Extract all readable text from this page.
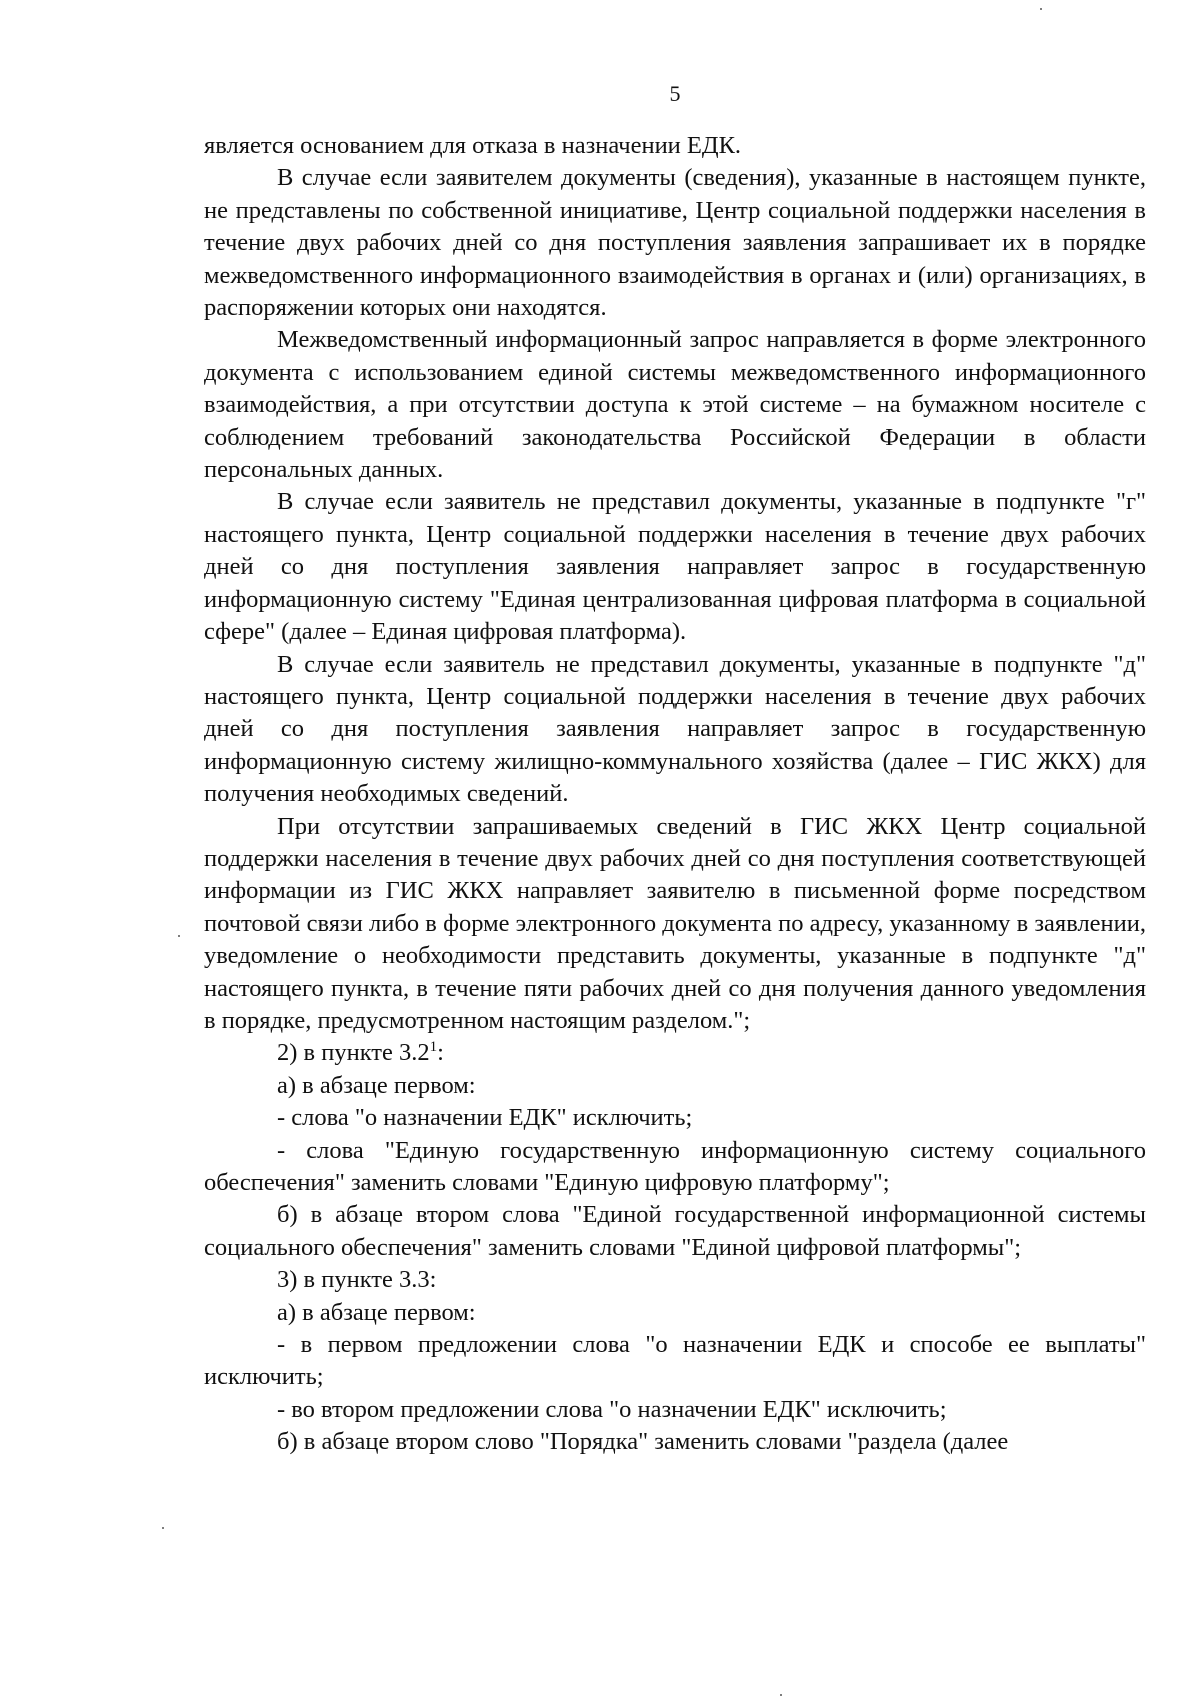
5

является основанием для отказа в назначении ЕДК.

В случае если заявителем документы (сведения), указанные в настоящем пункте, не представлены по собственной инициативе, Центр социальной поддержки населения в течение двух рабочих дней со дня поступления заявления запрашивает их в порядке межведомственного информационного взаимодействия в органах и (или) организациях, в распоряжении которых они находятся.

Межведомственный информационный запрос направляется в форме электронного документа с использованием единой системы межведомственного информационного взаимодействия, а при отсутствии доступа к этой системе – на бумажном носителе с соблюдением требований законодательства Российской Федерации в области персональных данных.

В случае если заявитель не представил документы, указанные в подпункте "г" настоящего пункта, Центр социальной поддержки населения в течение двух рабочих дней со дня поступления заявления направляет запрос в государственную информационную систему "Единая централизованная цифровая платформа в социальной сфере" (далее – Единая цифровая платформа).

В случае если заявитель не представил документы, указанные в подпункте "д" настоящего пункта, Центр социальной поддержки населения в течение двух рабочих дней со дня поступления заявления направляет запрос в государственную информационную систему жилищно-коммунального хозяйства (далее – ГИС ЖКХ) для получения необходимых сведений.

При отсутствии запрашиваемых сведений в ГИС ЖКХ Центр социальной поддержки населения в течение двух рабочих дней со дня поступления соответствующей информации из ГИС ЖКХ направляет заявителю в письменной форме посредством почтовой связи либо в форме электронного документа по адресу, указанному в заявлении, уведомление о необходимости представить документы, указанные в подпункте "д" настоящего пункта, в течение пяти рабочих дней со дня получения данного уведомления в порядке, предусмотренном настоящим разделом.";

2) в пункте $3.2^1$:

а) в абзаце первом:

- слова "о назначении ЕДК" исключить;

- слова "Единую государственную информационную систему социального обеспечения" заменить словами "Единую цифровую платформу";

б) в абзаце втором слова "Единой государственной информационной системы социального обеспечения" заменить словами "Единой цифровой платформы";

3) в пункте 3.3:

а) в абзаце первом:

- в первом предложении слова "о назначении ЕДК и способе ее выплаты" исключить;

- во втором предложении слова "о назначении ЕДК" исключить;

б) в абзаце втором слово "Порядка" заменить словами "раздела (далее
